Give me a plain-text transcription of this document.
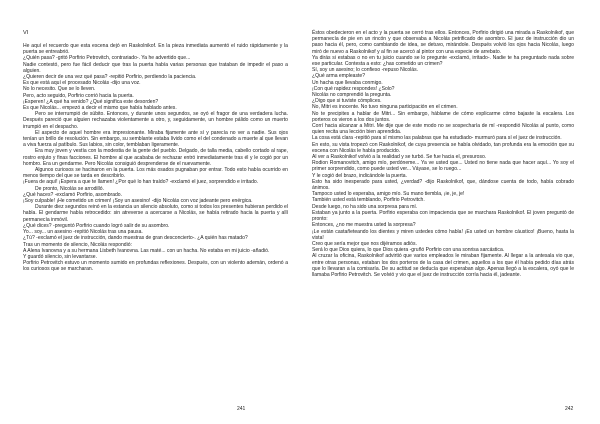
VI

He aquí el recuerdo que esta escena dejó en Raskolnikof. En la pieza inmediata aumentó el ruido rápidamente y la puerta se entreabrió.

¿Quién pasa? -gritó Porfirio Petrovitch, contrariado-. Ya he advertido que...

Nadie contestó, pero fue fácil deducir que tras la puerta había varias personas que trataban de impedir el paso a alguien.

¿Quieren decir de una vez qué pasa? -repitió Porfirio, perdiendo la paciencia.

Es que está aquí el procesado Nicolás -dijo una voz.

No lo necesito. Que se lo lleven.

Pero, acto seguido, Porfirio corrió hacia la puerta.

¡Esperen! ¿A qué ha venido? ¿Qué significa este desorden?

Es que Nicolás... empezó a decir el mismo que había hablado antes.

Pero se interrumpió de súbito. Entonces, y durante unos segundos, se oyó el fragor de una verdadera lucha. Después pareció que alguien rechazaba violentamente a otro, y, seguidamente, un hombre pálido como un muerto irrumpió en el despacho.

El aspecto de aquel hombre era impresionante. Miraba fijamente ante sí y parecía no ver a nadie. Sus ojos tenían un brillo de resolución. Sin embargo, su semblante estaba lívido como el del condenado a muerte al que llevan a viva fuerza al patíbulo. Sus labios, sin color, temblaban ligeramente.

Era muy joven y vestía con la modestia de la gente del pueblo. Delgado, de talla media, cabello cortado al rape, rostro enjuto y finas facciones. El hombre al que acababa de rechazar entró inmediatamente tras él y le cogió por un hombro. Era un gendarme. Pero Nicolás consiguió desprenderse de el nuevamente.

Algunos curiosos se hacinaron en la puerta. Los más osados pugnaban por entrar. Todo esto había ocurrido en menos tiempo del que se tarda en describirlo.

¡Fuera de aquí! ¡Espera a que te llamen! ¿Por qué lo han traído? -exclamó el juez, sorprendido e irritado.

De pronto, Nicolás se arrodilló.

¿Qué haces? -exclamó Porfirio, asombrado.

¡Soy culpable! ¡He cometido un crimen! ¡Soy un asesino! -dijo Nicolás con voz jadeante pero enérgica.

Durante diez segundos reinó en la estancia un silencio absoluto, como si todos los presentes hubieran perdido el habla. El gendarme había retrocedido: sin atreverse a acercarse a Nicolás, se había retirado hacia la puerta y allí permanecía inmóvil.

¿Qué dices? -preguntó Porfirio cuando logró salir de su asombro.

Yo... soy... un asesino -repitió Nicolás tras una pausa.

¿Tú? -exclamó el juez de instrucción, dando muestras de gran desconcierto-. ¿A quién has matado?

Tras un momento de silencio, Nicolás respondió:

A Alena Ivanovna y a su hermana Lisbeth Ivanovna. Las maté... con un hacha. No estaba en mi juicio -añadió.

Y guardó silencio, sin levantarse.

Porfirio Petrovitch estuvo un momento sumido en profundas reflexiones. Después, con un violento ademán, ordenó a los curiosos que se marcharan.

241

Éstos obedecieron en el acto y la puerta se cerró tras ellos. Entonces, Porfirio dirigió una mirada a Raskolnikof, que permanecía de pie en un rincón y que observaba a Nicolás petrificado de asombro. El juez de instrucción dio un paso hacia él, pero, como cambiando de idea, se detuvo, mirándole. Después volvió los ojos hacia Nicolás, luego miró de nuevo a Raskolnikof y al fin se acercó al pintor con una especie de arrebato.

Ya dirás si estabas o no en tu juicio cuando se lo pregunte -exclamó, irritado-. Nadie te ha preguntado nada sobre ese particular. Contesta a esto: ¿has cometido un crimen?

Sí, soy un asesino; lo confieso -repuso Nicolás.

¿Qué arma empleaste?

Un hacha que llevaba conmigo.

¡Con qué rapidez respondes! ¿Solo?

Nicolás no comprendió la pregunta.

¿Digo que si tuviste cómplices.

No, Mitri es inocente. No tuvo ninguna participación en el crimen.

No te precipites a hablar de Mitri... Sin embargo, háblame de cómo explicarme cómo bajaste la escalera. Los porteros os vieron a los dos juntos.

Corrí hacia alcanzar a Mitri. Me dije que de este modo no se sospecharía de mí -respondió Nicolás al punto, como quien recita una lección bien aprendida.

La cosa está clara -repitió para sí mismo las palabras que ha estudiado- murmuró para sí el juez de instrucción.

En esto, su vista tropezó con Raskolnikof, de cuya presencia se había olvidado, tan profunda era la emoción que su escena con Nicolás le había producido.

Al ver a Raskolnikof volvió a la realidad y se turbó. Se fue hacia el, presuroso.

Rodion Romanovitch, amigo mío, perdóneme... Ya ve usted que... Usted no tiene nada que hacer aquí... Yo soy el primer sorprendido, como puede usted ver... Váyase, se lo ruego...

Y le cogió del brazo, indicándole la puerta.

Esto ha sido inesperado para usted, ¿verdad? -dijo Raskolnikof, que, dándose cuenta de todo, había cobrado ánimos.

Tampoco usted lo esperaba, amigo mío. Su mano tiembla, ¡ie, je, je!

También usted está temblando, Porfirio Petrovitch.

Desde luego, no ha sido una sorpresa para mí.

Estaban ya junto a la puerta. Porfirio esperaba con impaciencia que se marchara Raskolnikof. El joven preguntó de pronto:

Entonces, ¿no me muestra usted la sorpresa?

¡Le están castañeteando los dientes y miren ustedes cómo habla! ¡Es usted un hombre cáustico! ¡Bueno, hasta la vista!

Creo que sería mejor que nos dijéramos adiós.

Será lo que Dios quiera, lo que Dios quiera -gruñó Porfirio con una sonrisa sarcástica.

Al cruzar la oficina, Raskolnikof advirtió que varios empleados le miraban fijamente. Al llegar a la antesala vio que, entre otras personas, estaban los dos porteros de la casa del crimen, aquellos a los que él había pedido días atrás que lo llevaran a la comisaría. De su actitud se deducía que esperaban algo. Apenas llegó a la escalera, oyó que le llamaba Porfirio Petrovitch. Se volvió y vio que el juez de instrucción corría hacia él, jadeante.

242
